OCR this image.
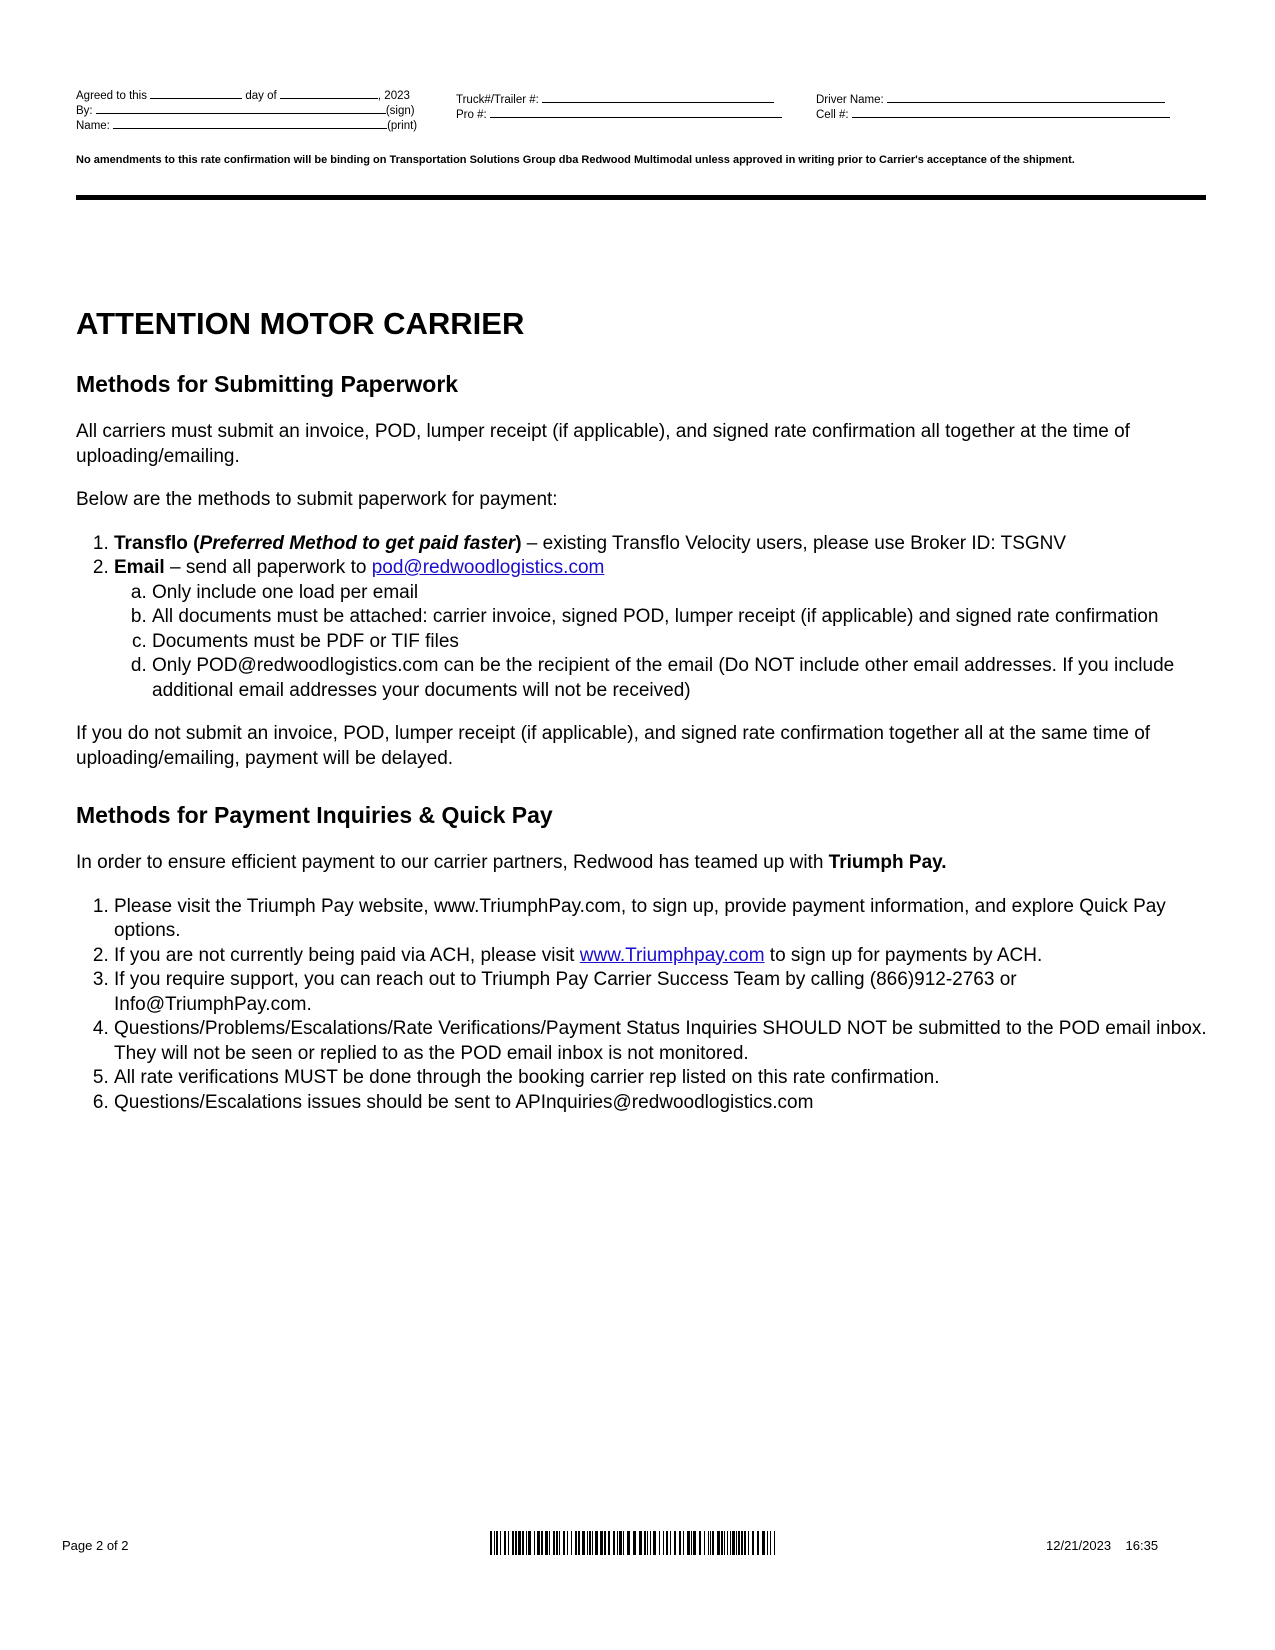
Agreed to this	day of	, 2023
By:	(sign)
Name:	(print)
Truck#/Trailer #:
Pro #:
Driver Name:
Cell #:
No amendments to this rate confirmation will be binding on Transportation Solutions Group dba Redwood Multimodal unless approved in writing prior to Carrier's acceptance of the shipment.
ATTENTION MOTOR CARRIER
Methods for Submitting Paperwork

All carriers must submit an invoice, POD, lumper receipt (if applicable), and signed rate confirmation all together at the time of uploading/emailing.

Below are the methods to submit paperwork for payment:

1. Transflo (Preferred Method to get paid faster) – existing Transflo Velocity users, please use Broker ID: TSGNV
2. Email – send all paperwork to pod@redwoodlogistics.com
a. Only include one load per email
b. All documents must be attached: carrier invoice, signed POD, lumper receipt (if applicable) and signed rate confirmation
c. Documents must be PDF or TIF files
d. Only POD@redwoodlogistics.com can be the recipient of the email (Do NOT include other email addresses. If you include additional email addresses your documents will not be received)

If you do not submit an invoice, POD, lumper receipt (if applicable), and signed rate confirmation together all at the same time of uploading/emailing, payment will be delayed.

Methods for Payment Inquiries & Quick Pay

In order to ensure efficient payment to our carrier partners, Redwood has teamed up with Triumph Pay.

1. Please visit the Triumph Pay website, www.TriumphPay.com, to sign up, provide payment information, and explore Quick Pay options.
2. If you are not currently being paid via ACH, please visit www.Triumphpay.com to sign up for payments by ACH.
3. If you require support, you can reach out to Triumph Pay Carrier Success Team by calling (866)912-2763 or Info@TriumphPay.com.
4. Questions/Problems/Escalations/Rate Verifications/Payment Status Inquiries SHOULD NOT be submitted to the POD email inbox. They will not be seen or replied to as the POD email inbox is not monitored.
5. All rate verifications MUST be done through the booking carrier rep listed on this rate confirmation.
6. Questions/Escalations issues should be sent to APInquiries@redwoodlogistics.com
Page 2 of 2	12/21/2023 16:35
